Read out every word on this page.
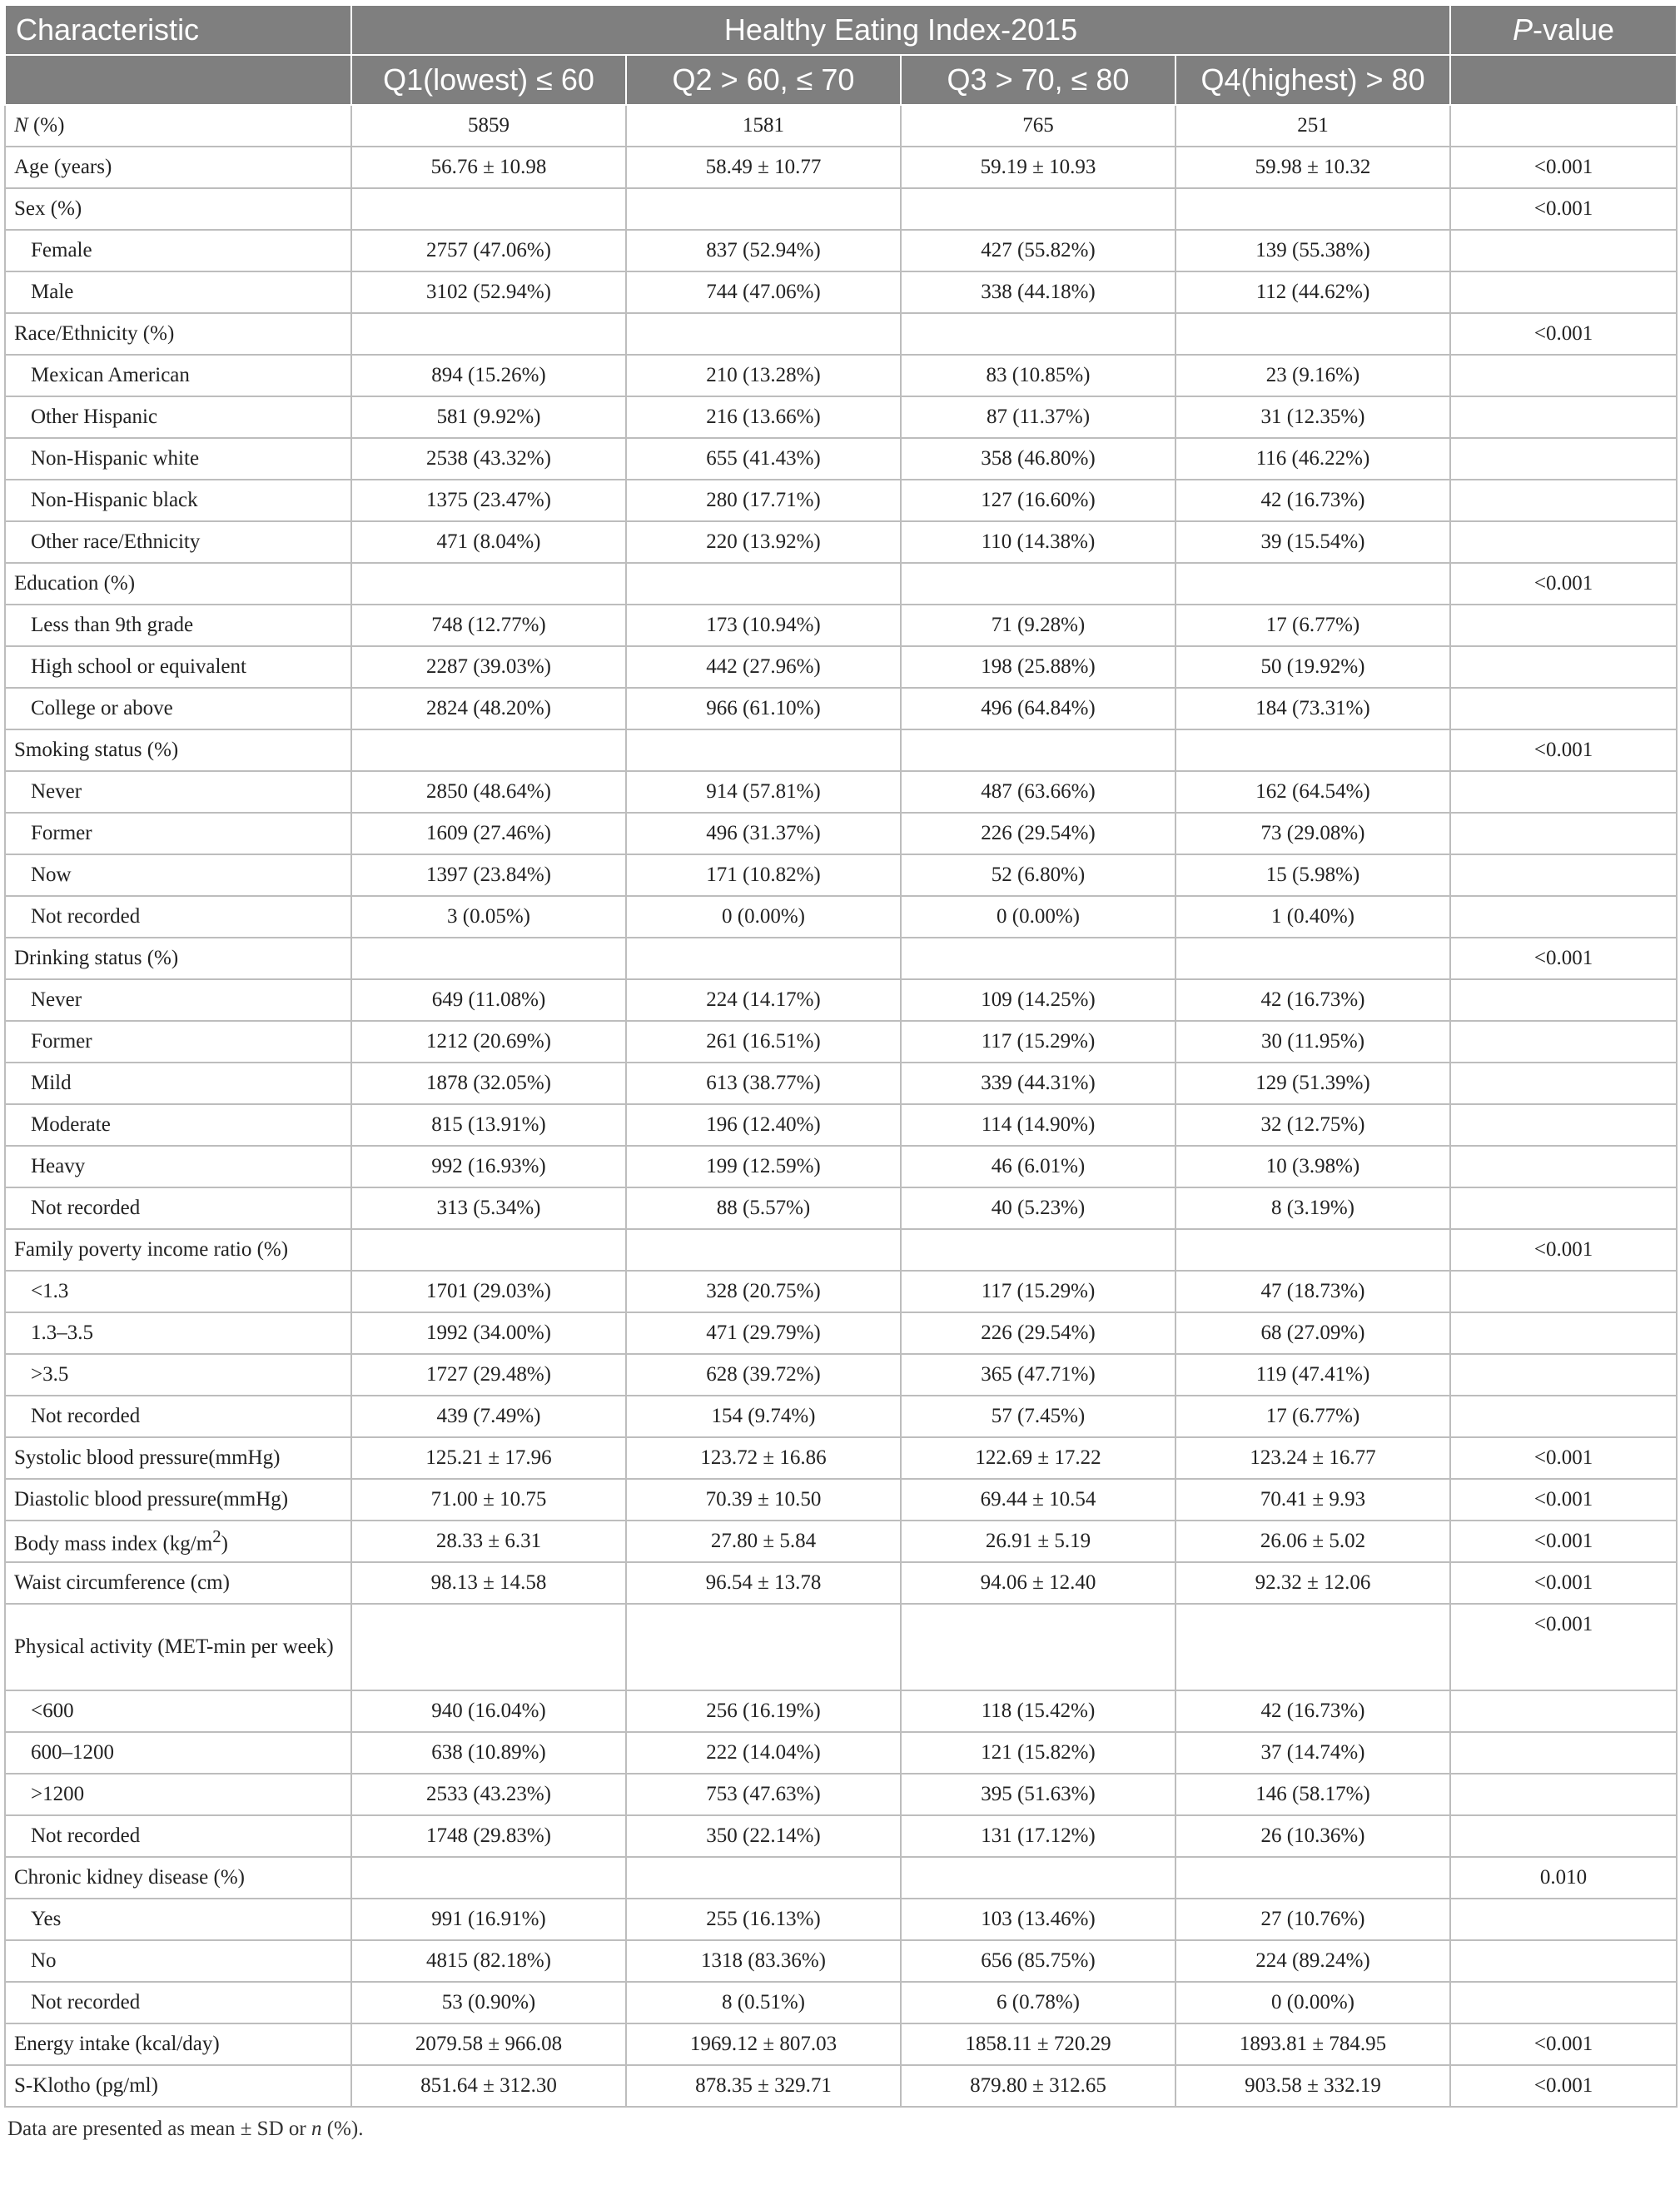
Characteristic	Healthy Eating Index-2015				P-value
	Q1(lowest) ≤ 60	Q2 > 60, ≤ 70	Q3 > 70, ≤ 80	Q4(highest) > 80	
N (%)	5859	1581	765	251	
Age (years)	56.76 ± 10.98	58.49 ± 10.77	59.19 ± 10.93	59.98 ± 10.32	<0.001
Sex (%)					<0.001
Female	2757 (47.06%)	837 (52.94%)	427 (55.82%)	139 (55.38%)	
Male	3102 (52.94%)	744 (47.06%)	338 (44.18%)	112 (44.62%)	
Race/Ethnicity (%)					<0.001
Mexican American	894 (15.26%)	210 (13.28%)	83 (10.85%)	23 (9.16%)	
Other Hispanic	581 (9.92%)	216 (13.66%)	87 (11.37%)	31 (12.35%)	
Non-Hispanic white	2538 (43.32%)	655 (41.43%)	358 (46.80%)	116 (46.22%)	
Non-Hispanic black	1375 (23.47%)	280 (17.71%)	127 (16.60%)	42 (16.73%)	
Other race/Ethnicity	471 (8.04%)	220 (13.92%)	110 (14.38%)	39 (15.54%)	
Education (%)					<0.001
Less than 9th grade	748 (12.77%)	173 (10.94%)	71 (9.28%)	17 (6.77%)	
High school or equivalent	2287 (39.03%)	442 (27.96%)	198 (25.88%)	50 (19.92%)	
College or above	2824 (48.20%)	966 (61.10%)	496 (64.84%)	184 (73.31%)	
Smoking status (%)					<0.001
Never	2850 (48.64%)	914 (57.81%)	487 (63.66%)	162 (64.54%)	
Former	1609 (27.46%)	496 (31.37%)	226 (29.54%)	73 (29.08%)	
Now	1397 (23.84%)	171 (10.82%)	52 (6.80%)	15 (5.98%)	
Not recorded	3 (0.05%)	0 (0.00%)	0 (0.00%)	1 (0.40%)	
Drinking status (%)					<0.001
Never	649 (11.08%)	224 (14.17%)	109 (14.25%)	42 (16.73%)	
Former	1212 (20.69%)	261 (16.51%)	117 (15.29%)	30 (11.95%)	
Mild	1878 (32.05%)	613 (38.77%)	339 (44.31%)	129 (51.39%)	
Moderate	815 (13.91%)	196 (12.40%)	114 (14.90%)	32 (12.75%)	
Heavy	992 (16.93%)	199 (12.59%)	46 (6.01%)	10 (3.98%)	
Not recorded	313 (5.34%)	88 (5.57%)	40 (5.23%)	8 (3.19%)	
Family poverty income ratio (%)					<0.001
<1.3	1701 (29.03%)	328 (20.75%)	117 (15.29%)	47 (18.73%)	
1.3–3.5	1992 (34.00%)	471 (29.79%)	226 (29.54%)	68 (27.09%)	
>3.5	1727 (29.48%)	628 (39.72%)	365 (47.71%)	119 (47.41%)	
Not recorded	439 (7.49%)	154 (9.74%)	57 (7.45%)	17 (6.77%)	
Systolic blood pressure(mmHg)	125.21 ± 17.96	123.72 ± 16.86	122.69 ± 17.22	123.24 ± 16.77	<0.001
Diastolic blood pressure(mmHg)	71.00 ± 10.75	70.39 ± 10.50	69.44 ± 10.54	70.41 ± 9.93	<0.001
Body mass index $(kg/m^2)$	28.33 ± 6.31	27.80 ± 5.84	26.91 ± 5.19	26.06 ± 5.02	<0.001
Waist circumference (cm)	98.13 ± 14.58	96.54 ± 13.78	94.06 ± 12.40	92.32 ± 12.06	<0.001
Physical activity (MET-min per week)					<0.001
<600	940 (16.04%)	256 (16.19%)	118 (15.42%)	42 (16.73%)	
600–1200	638 (10.89%)	222 (14.04%)	121 (15.82%)	37 (14.74%)	
>1200	2533 (43.23%)	753 (47.63%)	395 (51.63%)	146 (58.17%)	
Not recorded	1748 (29.83%)	350 (22.14%)	131 (17.12%)	26 (10.36%)	
Chronic kidney disease (%)					0.010
Yes	991 (16.91%)	255 (16.13%)	103 (13.46%)	27 (10.76%)	
No	4815 (82.18%)	1318 (83.36%)	656 (85.75%)	224 (89.24%)	
Not recorded	53 (0.90%)	8 (0.51%)	6 (0.78%)	0 (0.00%)	
Energy intake (kcal/day)	2079.58 ± 966.08	1969.12 ± 807.03	1858.11 ± 720.29	1893.81 ± 784.95	<0.001
S-Klotho (pg/ml)	851.64 ± 312.30	878.35 ± 329.71	879.80 ± 312.65	903.58 ± 332.19	<0.001
Data are presented as mean ± SD or n (%).
